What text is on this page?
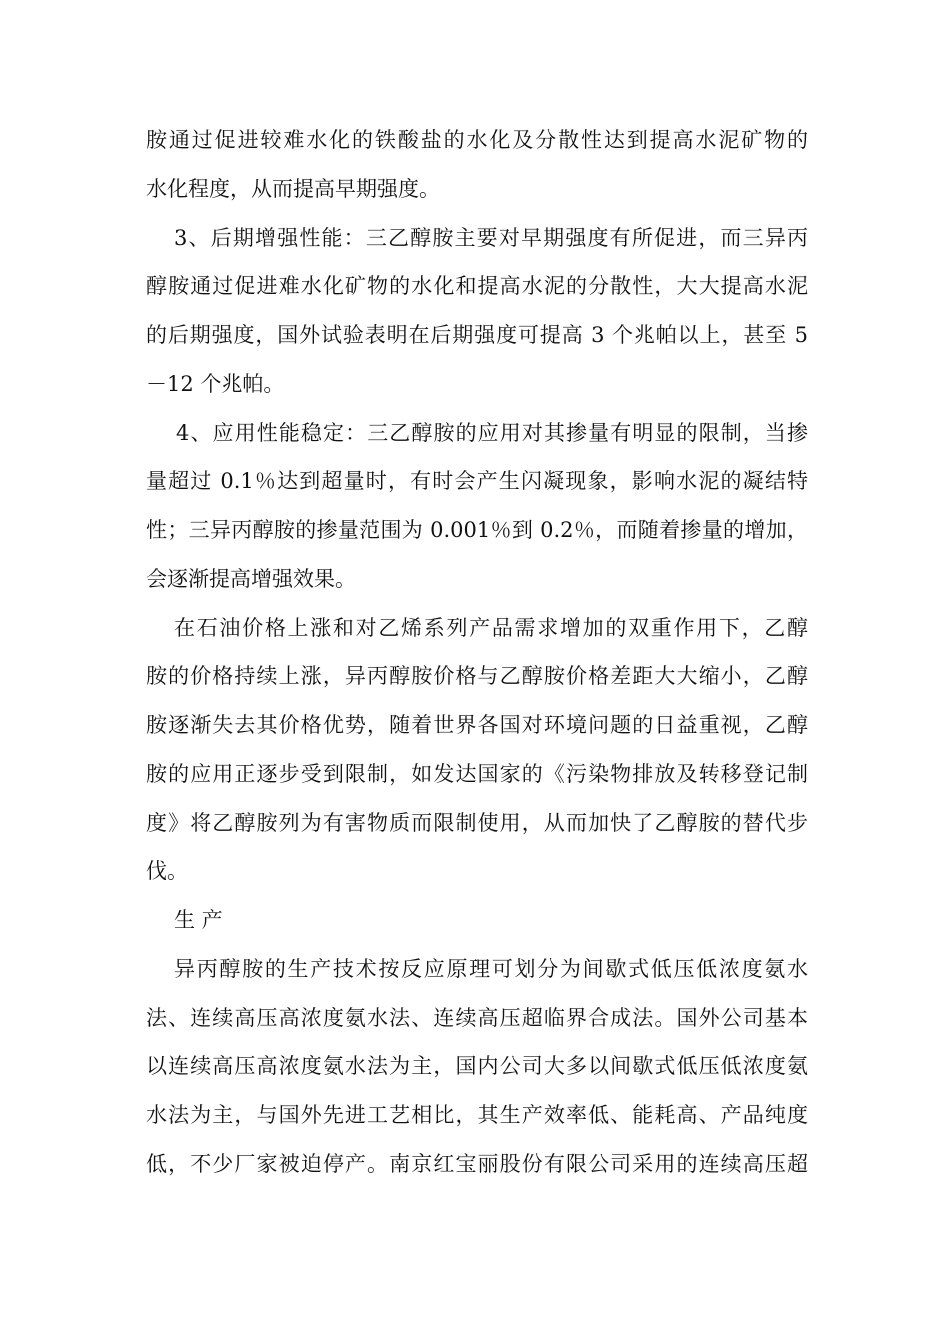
胺通过促进较难水化的铁酸盐的水化及分散性达到提高水泥矿物的
水化程度，从而提高早期强度。
3、后期增强性能：三乙醇胺主要对早期强度有所促进，而三异丙
醇胺通过促进难水化矿物的水化和提高水泥的分散性，大大提高水泥
的后期强度，国外试验表明在后期强度可提高 3 个兆帕以上，甚至 5
－12 个兆帕。
4、应用性能稳定：三乙醇胺的应用对其掺量有明显的限制，当掺
量超过 0.1％达到超量时，有时会产生闪凝现象，影响水泥的凝结特
性；三异丙醇胺的掺量范围为 0.001％到 0.2％，而随着掺量的增加，
会逐渐提高增强效果。
在石油价格上涨和对乙烯系列产品需求增加的双重作用下，乙醇
胺的价格持续上涨，异丙醇胺价格与乙醇胺价格差距大大缩小，乙醇
胺逐渐失去其价格优势，随着世界各国对环境问题的日益重视，乙醇
胺的应用正逐步受到限制，如发达国家的《污染物排放及转移登记制
度》将乙醇胺列为有害物质而限制使用，从而加快了乙醇胺的替代步
伐。
生 产
异丙醇胺的生产技术按反应原理可划分为间歇式低压低浓度氨水
法、连续高压高浓度氨水法、连续高压超临界合成法。国外公司基本
以连续高压高浓度氨水法为主，国内公司大多以间歇式低压低浓度氨
水法为主，与国外先进工艺相比，其生产效率低、能耗高、产品纯度
低，不少厂家被迫停产。南京红宝丽股份有限公司采用的连续高压超
